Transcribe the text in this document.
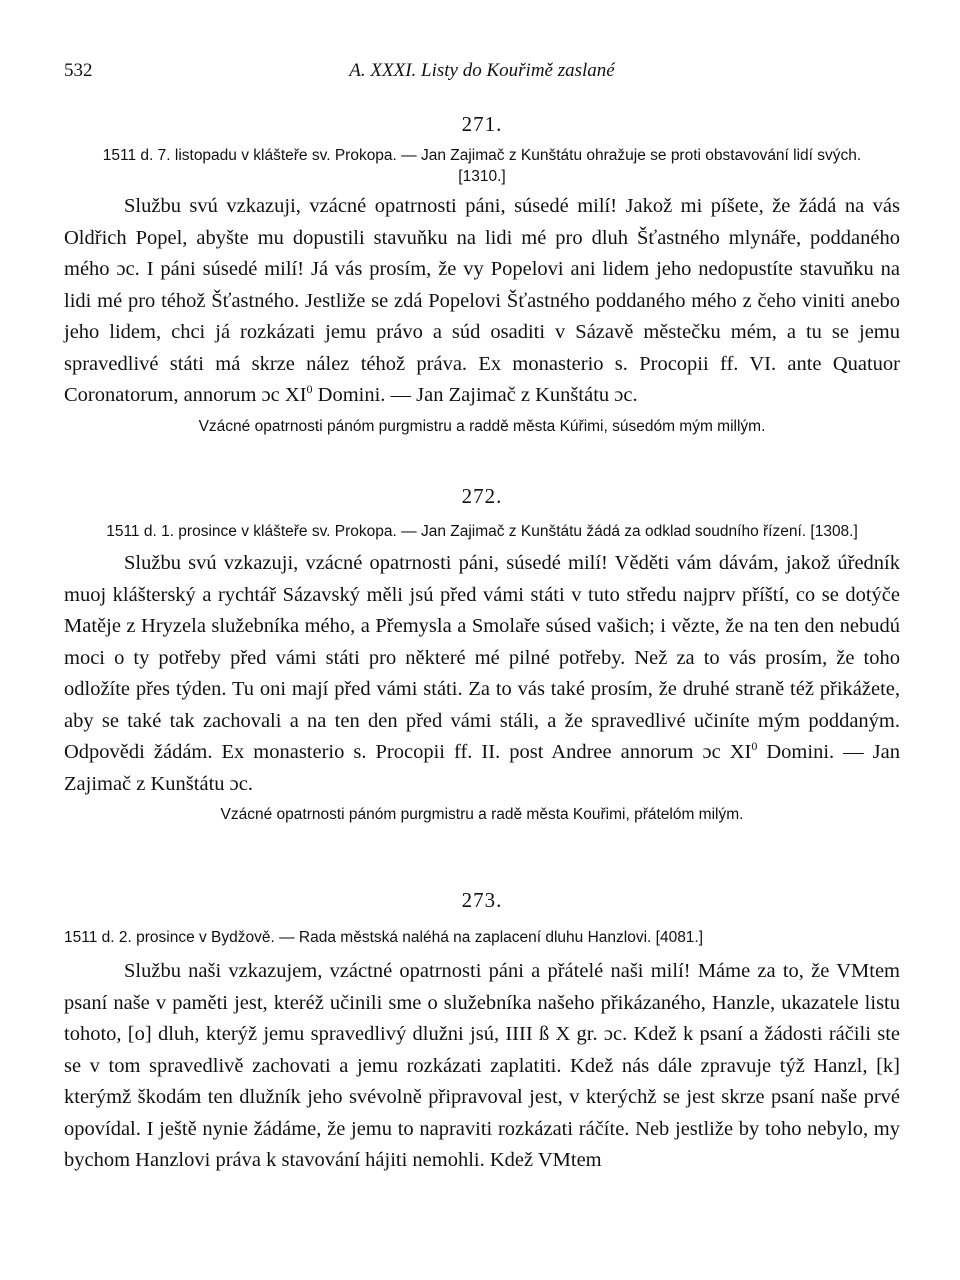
532	A. XXXI. Listy do Kouřimě zaslané
271.
1511 d. 7. listopadu v klášteře sv. Prokopa. — Jan Zajimač z Kunštátu ohražuje se proti obstavování lidí svých. [1310.]

Službu svú vzkazuji, vzácné opatrnosti páni, súsedé milí! Jakož mi píšete, že žádá na vás Oldřich Popel, abyšte mu dopustili stavuňku na lidi mé pro dluh Šťastného mlynáře, poddaného mého ɔc. I páni súsedé milí! Já vás prosím, že vy Popelovi ani lidem jeho nedopustíte stavuňku na lidi mé pro téhož Šťastného. Jestliže se zdá Popelovi Šťastného poddaného mého z čeho viniti anebo jeho lidem, chci já rozkázati jemu právo a súd osaditi v Sázavě městečku mém, a tu se jemu spravedlivé státi má skrze nález téhož práva. Ex monasterio s. Procopii ff. VI. ante Quatuor Coronatorum, annorum ɔc $XI^0$ Domini. — Jan Zajimač z Kunštátu ɔc.

Vzácné opatrnosti pánóm purgmistru a raddě města Kúřimi, súsedóm mým millým.
272.
1511 d. 1. prosince v klášteře sv. Prokopa. — Jan Zajimač z Kunštátu žádá za odklad soudního řízení. [1308.]

Službu svú vzkazuji, vzácné opatrnosti páni, súsedé milí! Věděti vám dávám, jakož úředník muoj klášterský a rychtář Sázavský měli jsú před vámi státi v tuto středu najprv příští, co se dotýče Matěje z Hryzela služebníka mého, a Přemysla a Smolaře súsed vašich; i vězte, že na ten den nebudú moci o ty potřeby před vámi státi pro některé mé pilné potřeby. Než za to vás prosím, že toho odložíte přes týden. Tu oni mají před vámi státi. Za to vás také prosím, že druhé straně též přikážete, aby se také tak zachovali a na ten den před vámi stáli, a že spravedlivé učiníte mým poddaným. Odpovědi žádám. Ex monasterio s. Procopii ff. II. post Andree annorum ɔc $XI^0$ Domini. — Jan Zajimač z Kunštátu ɔc.

Vzácné opatrnosti pánóm purgmistru a radě města Kouřimi, přátelóm milým.
273.
1511 d. 2. prosince v Bydžově. — Rada městská naléhá na zaplacení dluhu Hanzlovi. [4081.]

Službu naši vzkazujem, vzáctné opatrnosti páni a přátelé naši milí! Máme za to, že VMtem psaní naše v paměti jest, kteréž učinili sme o služebníka našeho přikázaného, Hanzle, ukazatele listu tohoto, [o] dluh, kterýž jemu spravedlivý dlužni jsú, IIII ß X gr. ɔc. Kdež k psaní a žádosti ráčili ste se v tom spravedlivě zachovati a jemu rozkázati zaplatiti. Kdež nás dále zpravuje týž Hanzl, [k] kterýmž škodám ten dlužník jeho svévolně připravoval jest, v kterýchž se jest skrze psaní naše prvé opovídal. I ještě nynie žádáme, že jemu to napraviti rozkázati ráčíte. Neb jestliže by toho nebylo, my bychom Hanzlovi práva k stavování hájiti nemohli. Kdež VMtem
